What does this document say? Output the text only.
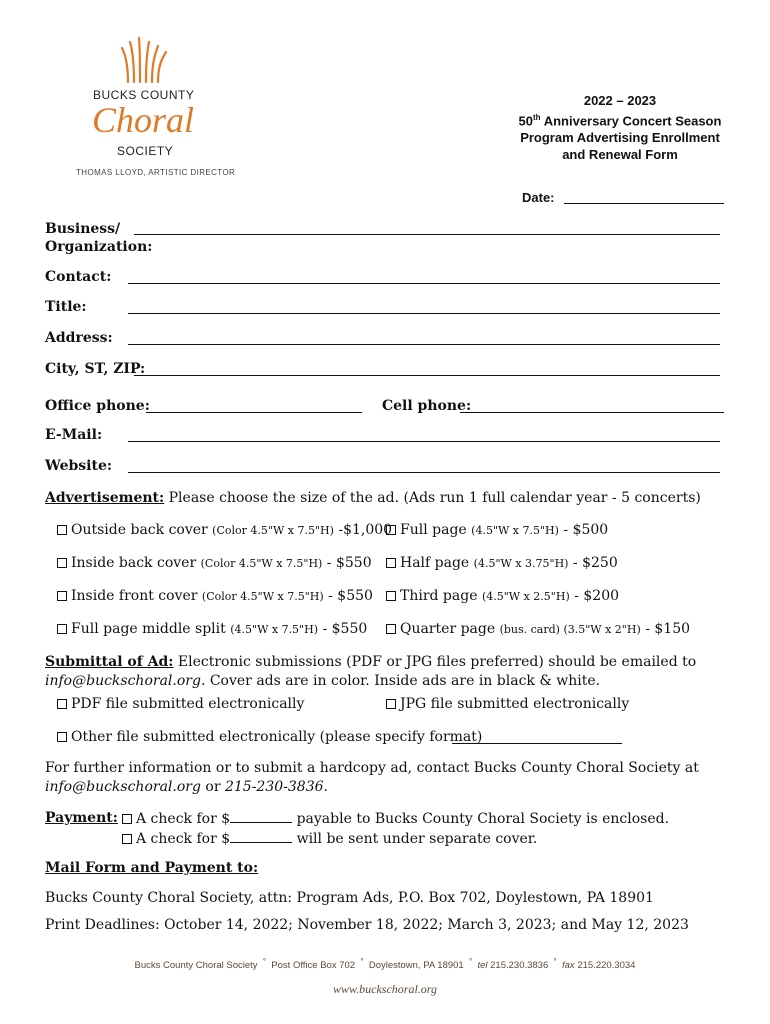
BUCKS COUNTY
Choral
SOCIETY
THOMAS LLOYD, ARTISTIC DIRECTOR
2022 – 2023
50th Anniversary Concert Season
Program Advertising Enrollment
and Renewal Form
Date:
Business/
Organization:
Contact:
Title:
Address:
City, ST, ZIP:
Office phone:	Cell phone:
E-Mail:
Website:
Advertisement: Please choose the size of the ad. (Ads run 1 full calendar year - 5 concerts)
Outside back cover (Color 4.5"W x 7.5"H) -$1,000 Full page (4.5"W x 7.5"H) - $500
Inside back cover (Color 4.5"W x 7.5"H) - $550	Half page (4.5"W x 3.75"H) - $250
Inside front cover (Color 4.5"W x 7.5"H) - $550	Third page (4.5"W x 2.5"H) - $200
Full page middle split (4.5"W x 7.5"H) - $550	Quarter page (bus. card) (3.5"W x 2"H) - $150
Submittal of Ad: Electronic submissions (PDF or JPG files preferred) should be emailed to
info@buckschoral.org. Cover ads are in color. Inside ads are in black & white.
PDF file submitted electronically	JPG file submitted electronically
Other file submitted electronically (please specify format)
For further information or to submit a hardcopy ad, contact Bucks County Choral Society at
info@buckschoral.org or 215-230-3836.
Payment:	A check for $	payable to Bucks County Choral Society is enclosed.
A check for $	will be sent under separate cover.
Mail Form and Payment to:
Bucks County Choral Society, attn: Program Ads, P.O. Box 702, Doylestown, PA 18901
Print Deadlines: October 14, 2022; November 18, 2022; March 3, 2023; and May 12, 2023
Bucks County Choral Society ° Post Office Box 702 ° Doylestown, PA 18901 ° tel 215.230.3836 ° fax 215.220.3034
www.buckschoral.org
